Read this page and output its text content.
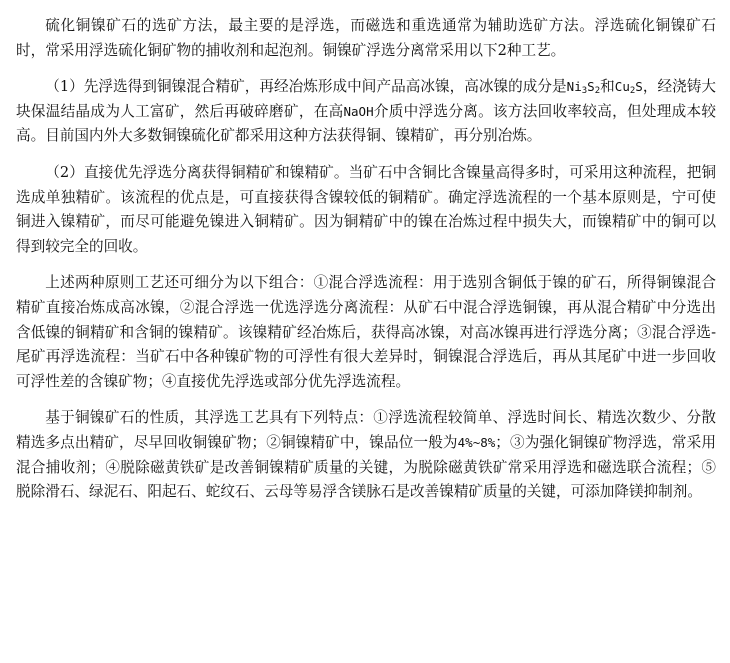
硫化铜镍矿石的选矿方法，最主要的是浮选，而磁选和重选通常为辅助选矿方法。浮选硫化铜镍矿石时，常采用浮选硫化铜矿物的捕收剂和起泡剂。铜镍矿浮选分离常采用以下2种工艺。

（1）先浮选得到铜镍混合精矿，再经冶炼形成中间产品高冰镍，高冰镍的成分是$Ni_3S_2$和$Cu_2S$，经浇铸大块保温结晶成为人工富矿，然后再破碎磨矿，在高NaOH介质中浮选分离。该方法回收率较高，但处理成本较高。目前国内外大多数铜镍硫化矿都采用这种方法获得铜、镍精矿，再分别冶炼。

（2）直接优先浮选分离获得铜精矿和镍精矿。当矿石中含铜比含镍量高得多时，可采用这种流程，把铜选成单独精矿。该流程的优点是，可直接获得含镍较低的铜精矿。确定浮选流程的一个基本原则是，宁可使铜进入镍精矿，而尽可能避免镍进入铜精矿。因为铜精矿中的镍在冶炼过程中损失大，而镍精矿中的铜可以得到较完全的回收。

上述两种原则工艺还可细分为以下组合：①混合浮选流程：用于选别含铜低于镍的矿石，所得铜镍混合精矿直接冶炼成高冰镍，②混合浮选一优选浮选分离流程：从矿石中混合浮选铜镍，再从混合精矿中分选出含低镍的铜精矿和含铜的镍精矿。该镍精矿经冶炼后，获得高冰镍，对高冰镍再进行浮选分离；③混合浮选-尾矿再浮选流程：当矿石中各种镍矿物的可浮性有很大差异时，铜镍混合浮选后，再从其尾矿中进一步回收可浮性差的含镍矿物；④直接优先浮选或部分优先浮选流程。

基于铜镍矿石的性质，其浮选工艺具有下列特点：①浮选流程较简单、浮选时间长、精选次数少、分散精选多点出精矿，尽早回收铜镍矿物；②铜镍精矿中，镍品位一般为4%~8%；③为强化铜镍矿物浮选，常采用混合捕收剂；④脱除磁黄铁矿是改善铜镍精矿质量的关键，为脱除磁黄铁矿常采用浮选和磁选联合流程；⑤脱除滑石、绿泥石、阳起石、蛇纹石、云母等易浮含镁脉石是改善镍精矿质量的关键，可添加降镁抑制剂。
